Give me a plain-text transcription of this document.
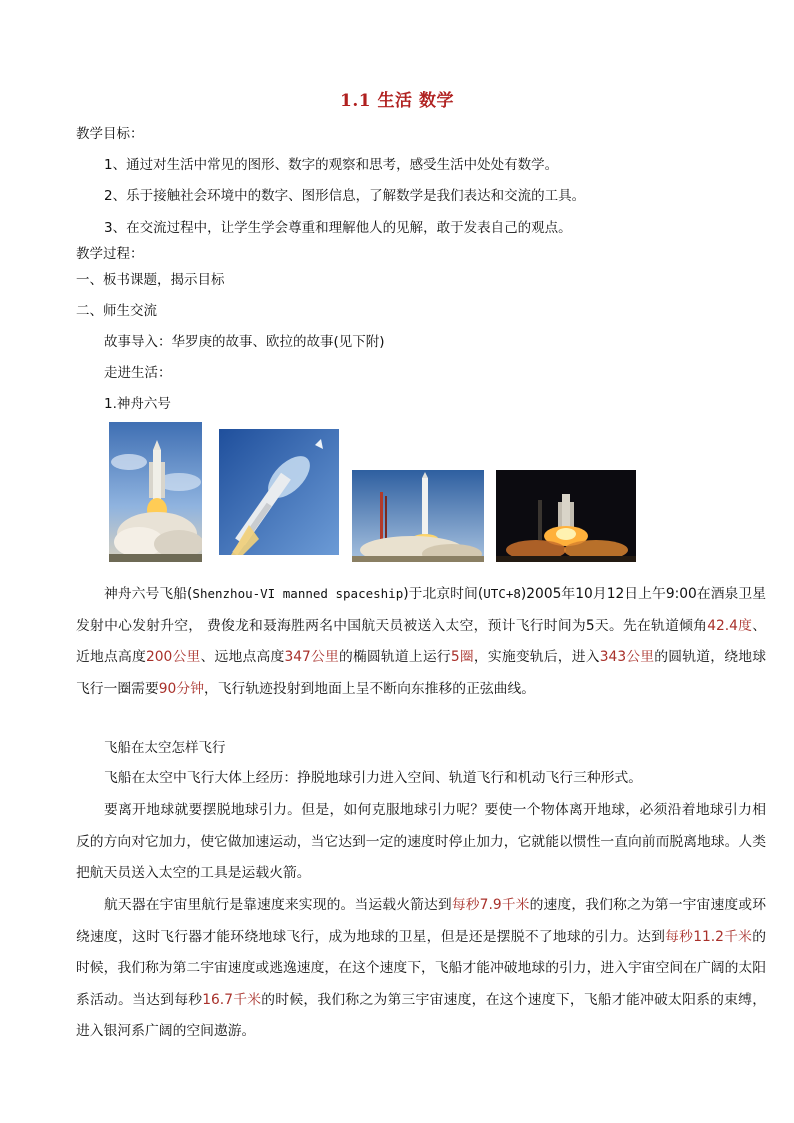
1.1 生活 数学
教学目标：
1、通过对生活中常见的图形、数字的观察和思考，感受生活中处处有数学。
2、乐于接触社会环境中的数字、图形信息，了解数学是我们表达和交流的工具。
3、在交流过程中，让学生学会尊重和理解他人的见解，敢于发表自己的观点。
教学过程：
一、板书课题，揭示目标
二、师生交流
故事导入：华罗庚的故事、欧拉的故事(见下附)
走进生活：
1.神舟六号
神舟六号飞船(Shenzhou-VI manned spaceship)于北京时间(UTC+8)2005年10月12日上午9:00在酒泉卫星发射中心发射升空， 费俊龙和聂海胜两名中国航天员被送入太空，预计飞行时间为5天。先在轨道倾角42.4度、近地点高度200公里、远地点高度347公里的椭圆轨道上运行5圈，实施变轨后，进入343公里的圆轨道，绕地球飞行一圈需要90分钟，飞行轨迹投射到地面上呈不断向东推移的正弦曲线。
飞船在太空怎样飞行
飞船在太空中飞行大体上经历：挣脱地球引力进入空间、轨道飞行和机动飞行三种形式。
要离开地球就要摆脱地球引力。但是，如何克服地球引力呢？要使一个物体离开地球，必须沿着地球引力相反的方向对它加力，使它做加速运动，当它达到一定的速度时停止加力，它就能以惯性一直向前而脱离地球。人类把航天员送入太空的工具是运载火箭。
航天器在宇宙里航行是靠速度来实现的。当运载火箭达到每秒7.9千米的速度，我们称之为第一宇宙速度或环绕速度，这时飞行器才能环绕地球飞行，成为地球的卫星，但是还是摆脱不了地球的引力。达到每秒11.2千米的时候，我们称为第二宇宙速度或逃逸速度，在这个速度下，飞船才能冲破地球的引力，进入宇宙空间在广阔的太阳系活动。当达到每秒16.7千米的时候，我们称之为第三宇宙速度，在这个速度下，飞船才能冲破太阳系的束缚，进入银河系广阔的空间遨游。
